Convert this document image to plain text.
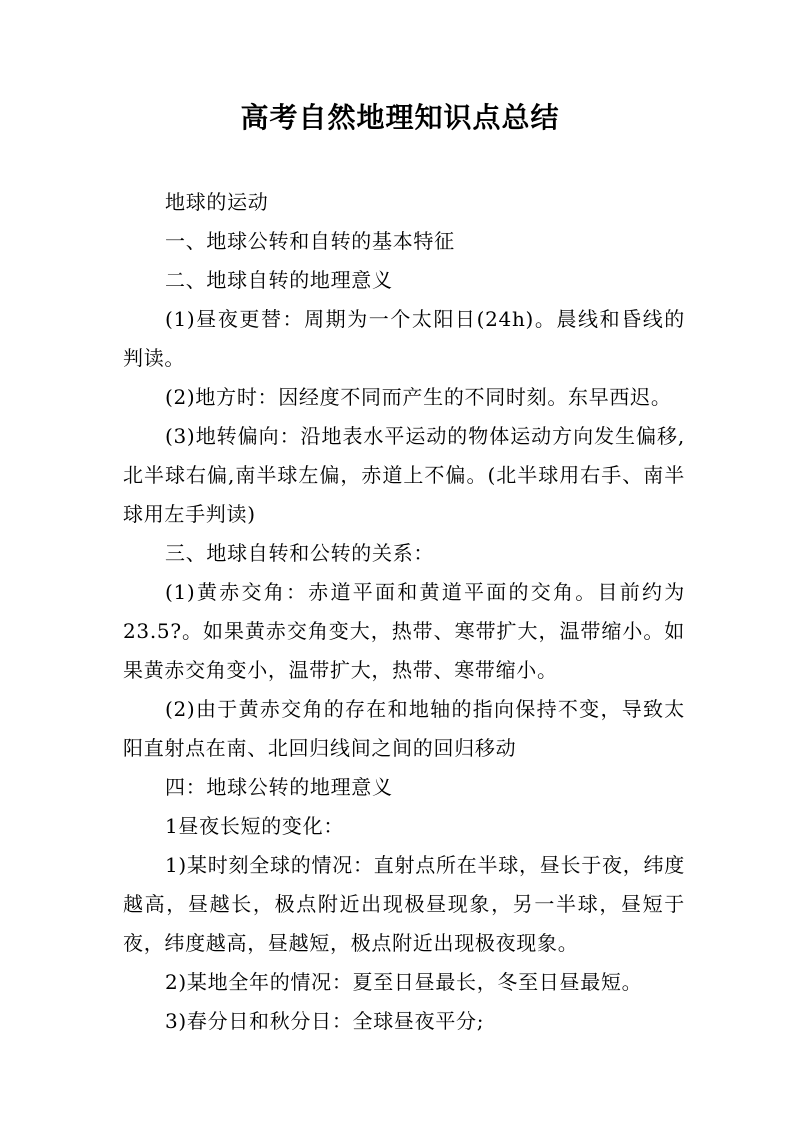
高考自然地理知识点总结

地球的运动

一、地球公转和自转的基本特征

二、地球自转的地理意义

(1)昼夜更替：周期为一个太阳日(24h)。晨线和昏线的判读。

(2)地方时：因经度不同而产生的不同时刻。东早西迟。

(3)地转偏向：沿地表水平运动的物体运动方向发生偏移,北半球右偏,南半球左偏，赤道上不偏。(北半球用右手、南半球用左手判读)

三、地球自转和公转的关系：

(1)黄赤交角：赤道平面和黄道平面的交角。目前约为23.5?。如果黄赤交角变大，热带、寒带扩大，温带缩小。如果黄赤交角变小，温带扩大，热带、寒带缩小。

(2)由于黄赤交角的存在和地轴的指向保持不变，导致太阳直射点在南、北回归线间之间的回归移动

四：地球公转的地理意义

1昼夜长短的变化：

1)某时刻全球的情况：直射点所在半球，昼长于夜，纬度越高，昼越长，极点附近出现极昼现象，另一半球，昼短于夜，纬度越高，昼越短，极点附近出现极夜现象。

2)某地全年的情况：夏至日昼最长，冬至日昼最短。

3)春分日和秋分日：全球昼夜平分;
